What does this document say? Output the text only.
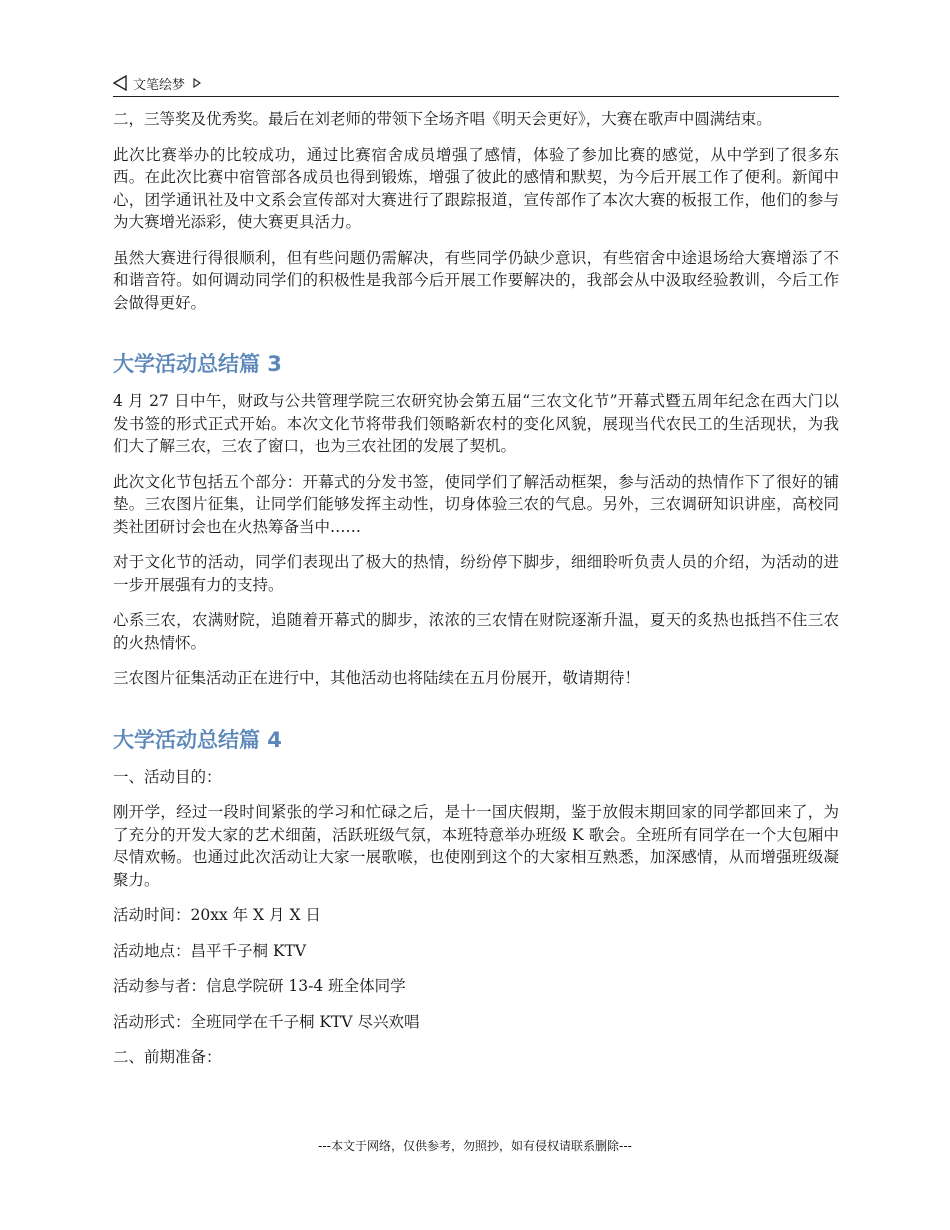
文笔绘梦

二，三等奖及优秀奖。最后在刘老师的带领下全场齐唱《明天会更好》，大赛在歌声中圆满结束。

此次比赛举办的比较成功，通过比赛宿舍成员增强了感情，体验了参加比赛的感觉，从中学到了很多东西。在此次比赛中宿管部各成员也得到锻炼，增强了彼此的感情和默契，为今后开展工作了便利。新闻中心，团学通讯社及中文系会宣传部对大赛进行了跟踪报道，宣传部作了本次大赛的板报工作，他们的参与为大赛增光添彩，使大赛更具活力。

虽然大赛进行得很顺利，但有些问题仍需解决，有些同学仍缺少意识，有些宿舍中途退场给大赛增添了不和谐音符。如何调动同学们的积极性是我部今后开展工作要解决的，我部会从中汲取经验教训，今后工作会做得更好。

大学活动总结篇 3

4 月 27 日中午，财政与公共管理学院三农研究协会第五届“三农文化节”开幕式暨五周年纪念在西大门以发书签的形式正式开始。本次文化节将带我们领略新农村的变化风貌，展现当代农民工的生活现状，为我们大了解三农，三农了窗口，也为三农社团的发展了契机。

此次文化节包括五个部分：开幕式的分发书签，使同学们了解活动框架，参与活动的热情作下了很好的铺垫。三农图片征集，让同学们能够发挥主动性，切身体验三农的气息。另外，三农调研知识讲座，高校同类社团研讨会也在火热筹备当中……

对于文化节的活动，同学们表现出了极大的热情，纷纷停下脚步，细细聆听负责人员的介绍，为活动的进一步开展强有力的支持。

心系三农，农满财院，追随着开幕式的脚步，浓浓的三农情在财院逐渐升温，夏天的炙热也抵挡不住三农的火热情怀。

三农图片征集活动正在进行中，其他活动也将陆续在五月份展开，敬请期待！

大学活动总结篇 4

一、活动目的：

刚开学，经过一段时间紧张的学习和忙碌之后，是十一国庆假期，鉴于放假末期回家的同学都回来了，为了充分的开发大家的艺术细菌，活跃班级气氛，本班特意举办班级 K 歌会。全班所有同学在一个大包厢中尽情欢畅。也通过此次活动让大家一展歌喉，也使刚到这个的大家相互熟悉，加深感情，从而增强班级凝聚力。

活动时间：20xx 年 X 月 X 日

活动地点：昌平千子桐 KTV

活动参与者：信息学院研 13-4 班全体同学

活动形式：全班同学在千子桐 KTV 尽兴欢唱

二、前期准备：

---本文于网络，仅供参考，勿照抄，如有侵权请联系删除---
